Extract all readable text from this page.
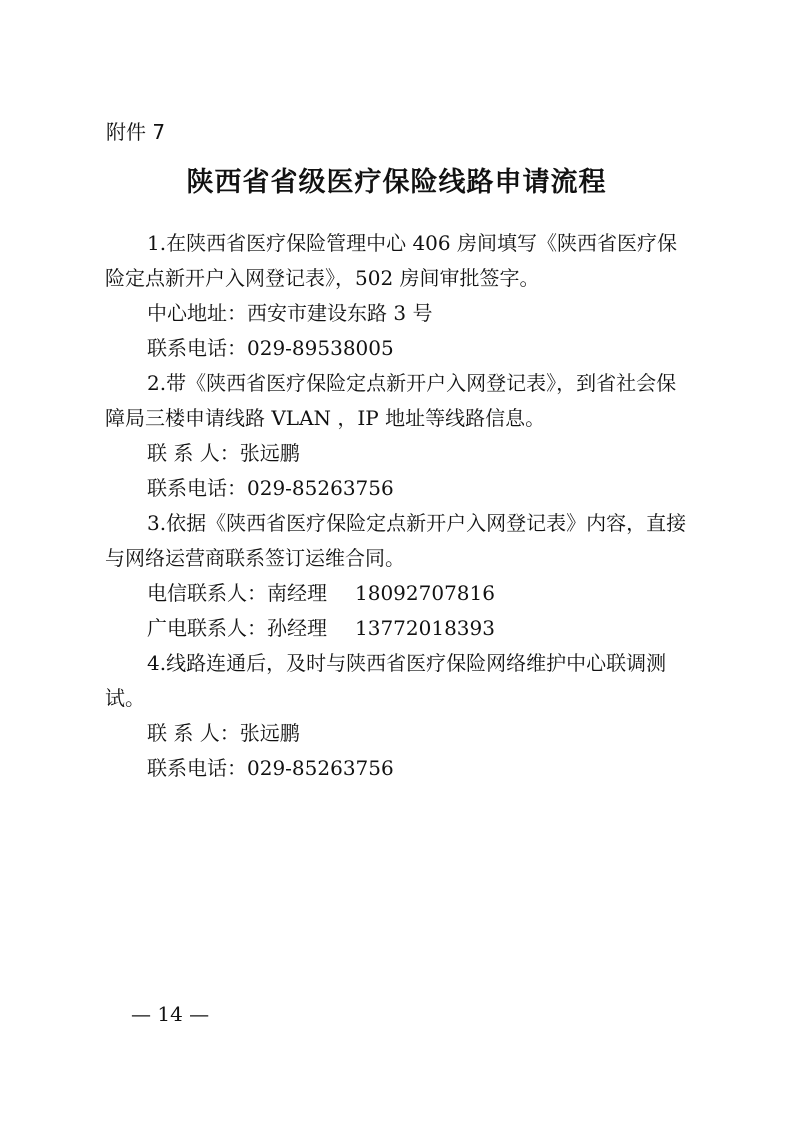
附件 7
陕西省省级医疗保险线路申请流程

1.在陕西省医疗保险管理中心 406 房间填写《陕西省医疗保险定点新开户入网登记表》，502 房间审批签字。

中心地址：西安市建设东路 3 号

联系电话：029-89538005

2.带《陕西省医疗保险定点新开户入网登记表》，到省社会保障局三楼申请线路 VLAN ，IP 地址等线路信息。

联 系 人：张远鹏

联系电话：029-85263756

3.依据《陕西省医疗保险定点新开户入网登记表》内容，直接与网络运营商联系签订运维合同。

电信联系人：南经理 18092707816

广电联系人：孙经理 13772018393

4.线路连通后，及时与陕西省医疗保险网络维护中心联调测试。

联 系 人：张远鹏

联系电话：029-85263756

— 14 —
